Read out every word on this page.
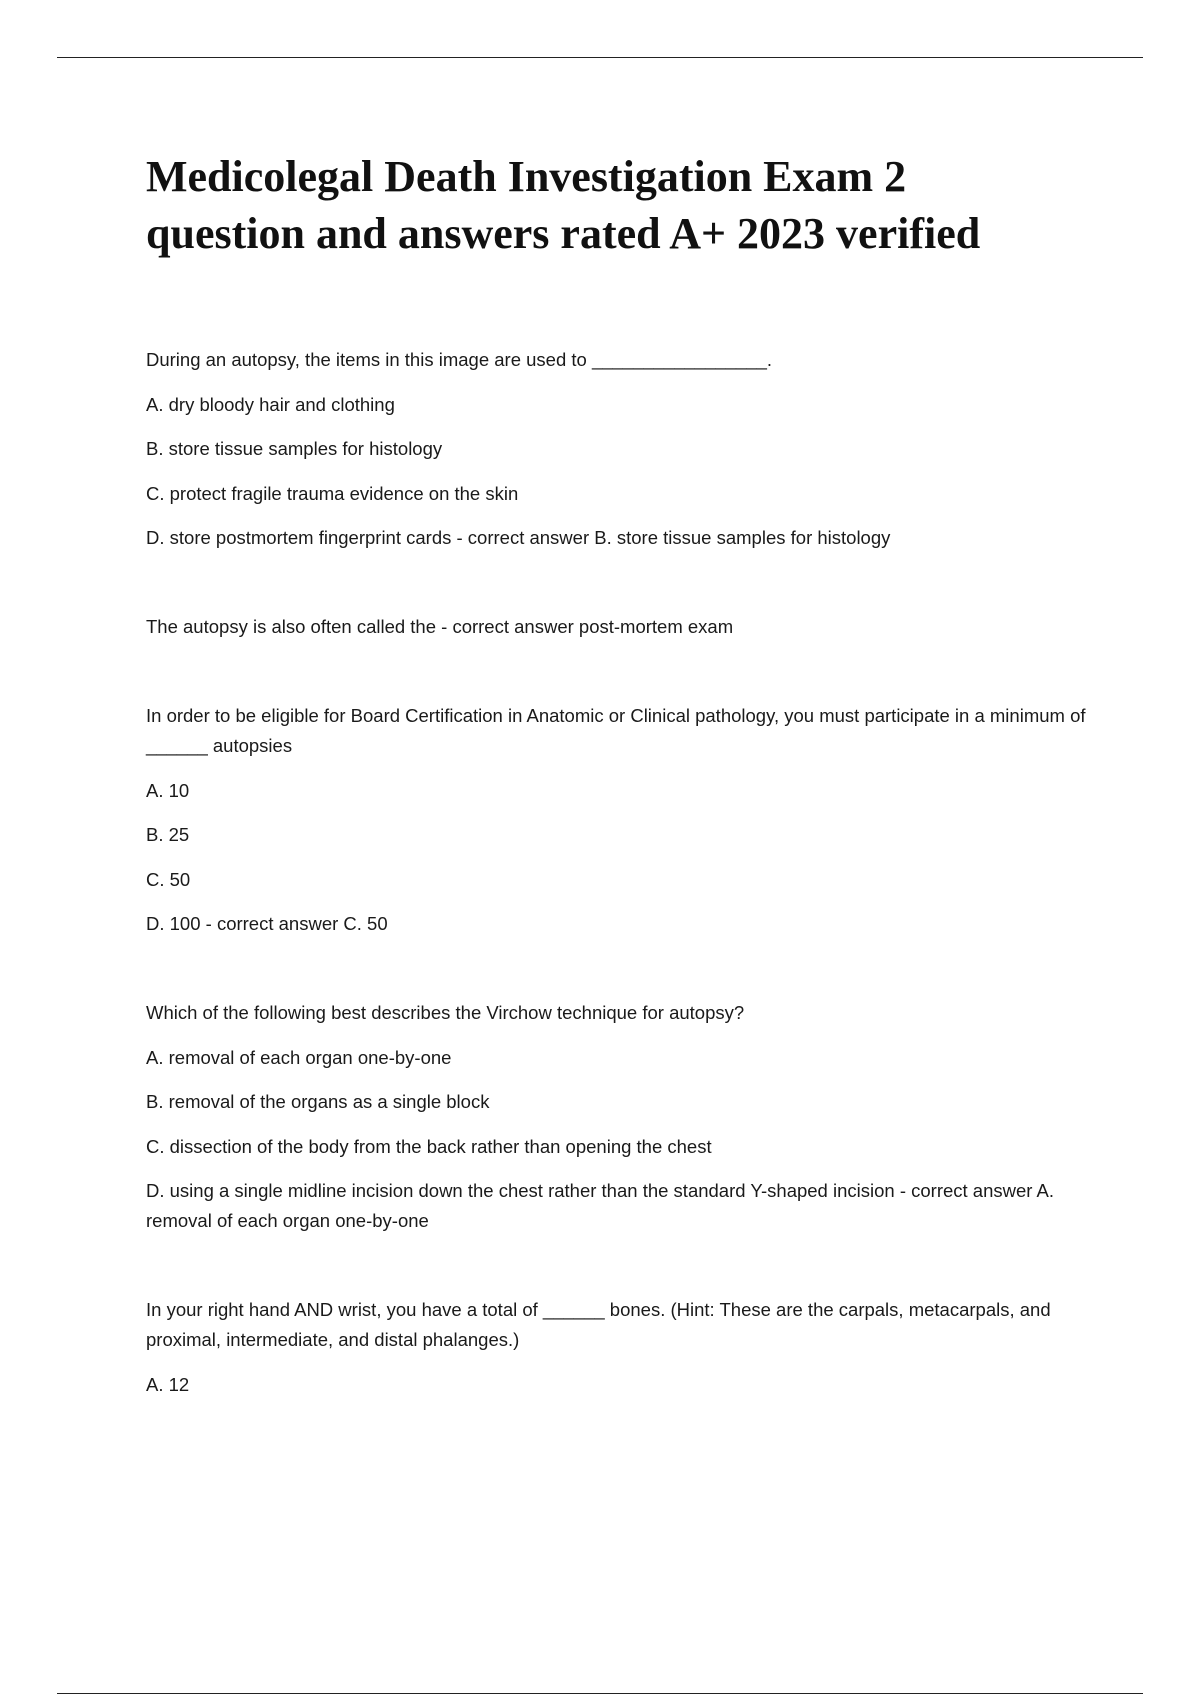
Medicolegal Death Investigation Exam 2
question and answers rated A+ 2023 verified
During an autopsy, the items in this image are used to _________________.
A. dry bloody hair and clothing
B. store tissue samples for histology
C. protect fragile trauma evidence on the skin
D. store postmortem fingerprint cards - correct answer B. store tissue samples for histology
The autopsy is also often called the - correct answer post-mortem exam
In order to be eligible for Board Certification in Anatomic or Clinical pathology, you must participate in a minimum of ______ autopsies
A. 10
B. 25
C. 50
D. 100 - correct answer C. 50
Which of the following best describes the Virchow technique for autopsy?
A. removal of each organ one-by-one
B. removal of the organs as a single block
C. dissection of the body from the back rather than opening the chest
D. using a single midline incision down the chest rather than the standard Y-shaped incision - correct answer A. removal of each organ one-by-one
In your right hand AND wrist, you have a total of ______ bones. (Hint: These are the carpals, metacarpals, and proximal, intermediate, and distal phalanges.)
A. 12
